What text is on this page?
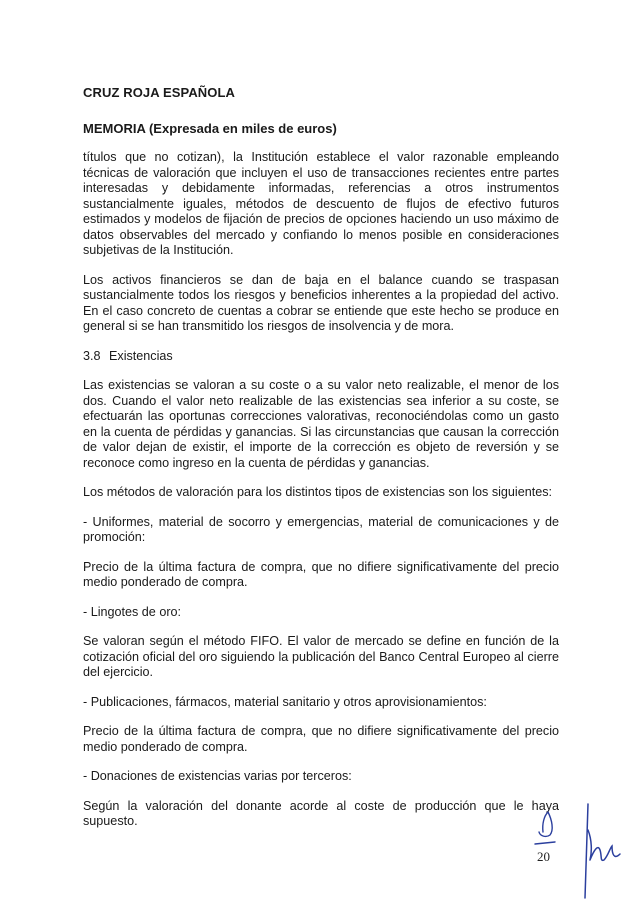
CRUZ ROJA ESPAÑOLA
MEMORIA (Expresada en miles de euros)

títulos que no cotizan), la Institución establece el valor razonable empleando técnicas de valoración que incluyen el uso de transacciones recientes entre partes interesadas y debidamente informadas, referencias a otros instrumentos sustancialmente iguales, métodos de descuento de flujos de efectivo futuros estimados y modelos de fijación de precios de opciones haciendo un uso máximo de datos observables del mercado y confiando lo menos posible en consideraciones subjetivas de la Institución.

Los activos financieros se dan de baja en el balance cuando se traspasan sustancialmente todos los riesgos y beneficios inherentes a la propiedad del activo. En el caso concreto de cuentas a cobrar se entiende que este hecho se produce en general si se han transmitido los riesgos de insolvencia y de mora.

3.8 Existencias

Las existencias se valoran a su coste o a su valor neto realizable, el menor de los dos. Cuando el valor neto realizable de las existencias sea inferior a su coste, se efectuarán las oportunas correcciones valorativas, reconociéndolas como un gasto en la cuenta de pérdidas y ganancias. Si las circunstancias que causan la corrección de valor dejan de existir, el importe de la corrección es objeto de reversión y se reconoce como ingreso en la cuenta de pérdidas y ganancias.

Los métodos de valoración para los distintos tipos de existencias son los siguientes:

- Uniformes, material de socorro y emergencias, material de comunicaciones y de promoción:

Precio de la última factura de compra, que no difiere significativamente del precio medio ponderado de compra.

- Lingotes de oro:

Se valoran según el método FIFO. El valor de mercado se define en función de la cotización oficial del oro siguiendo la publicación del Banco Central Europeo al cierre del ejercicio.

- Publicaciones, fármacos, material sanitario y otros aprovisionamientos:

Precio de la última factura de compra, que no difiere significativamente del precio medio ponderado de compra.

- Donaciones de existencias varias por terceros:

Según la valoración del donante acorde al coste de producción que le haya supuesto.

20
